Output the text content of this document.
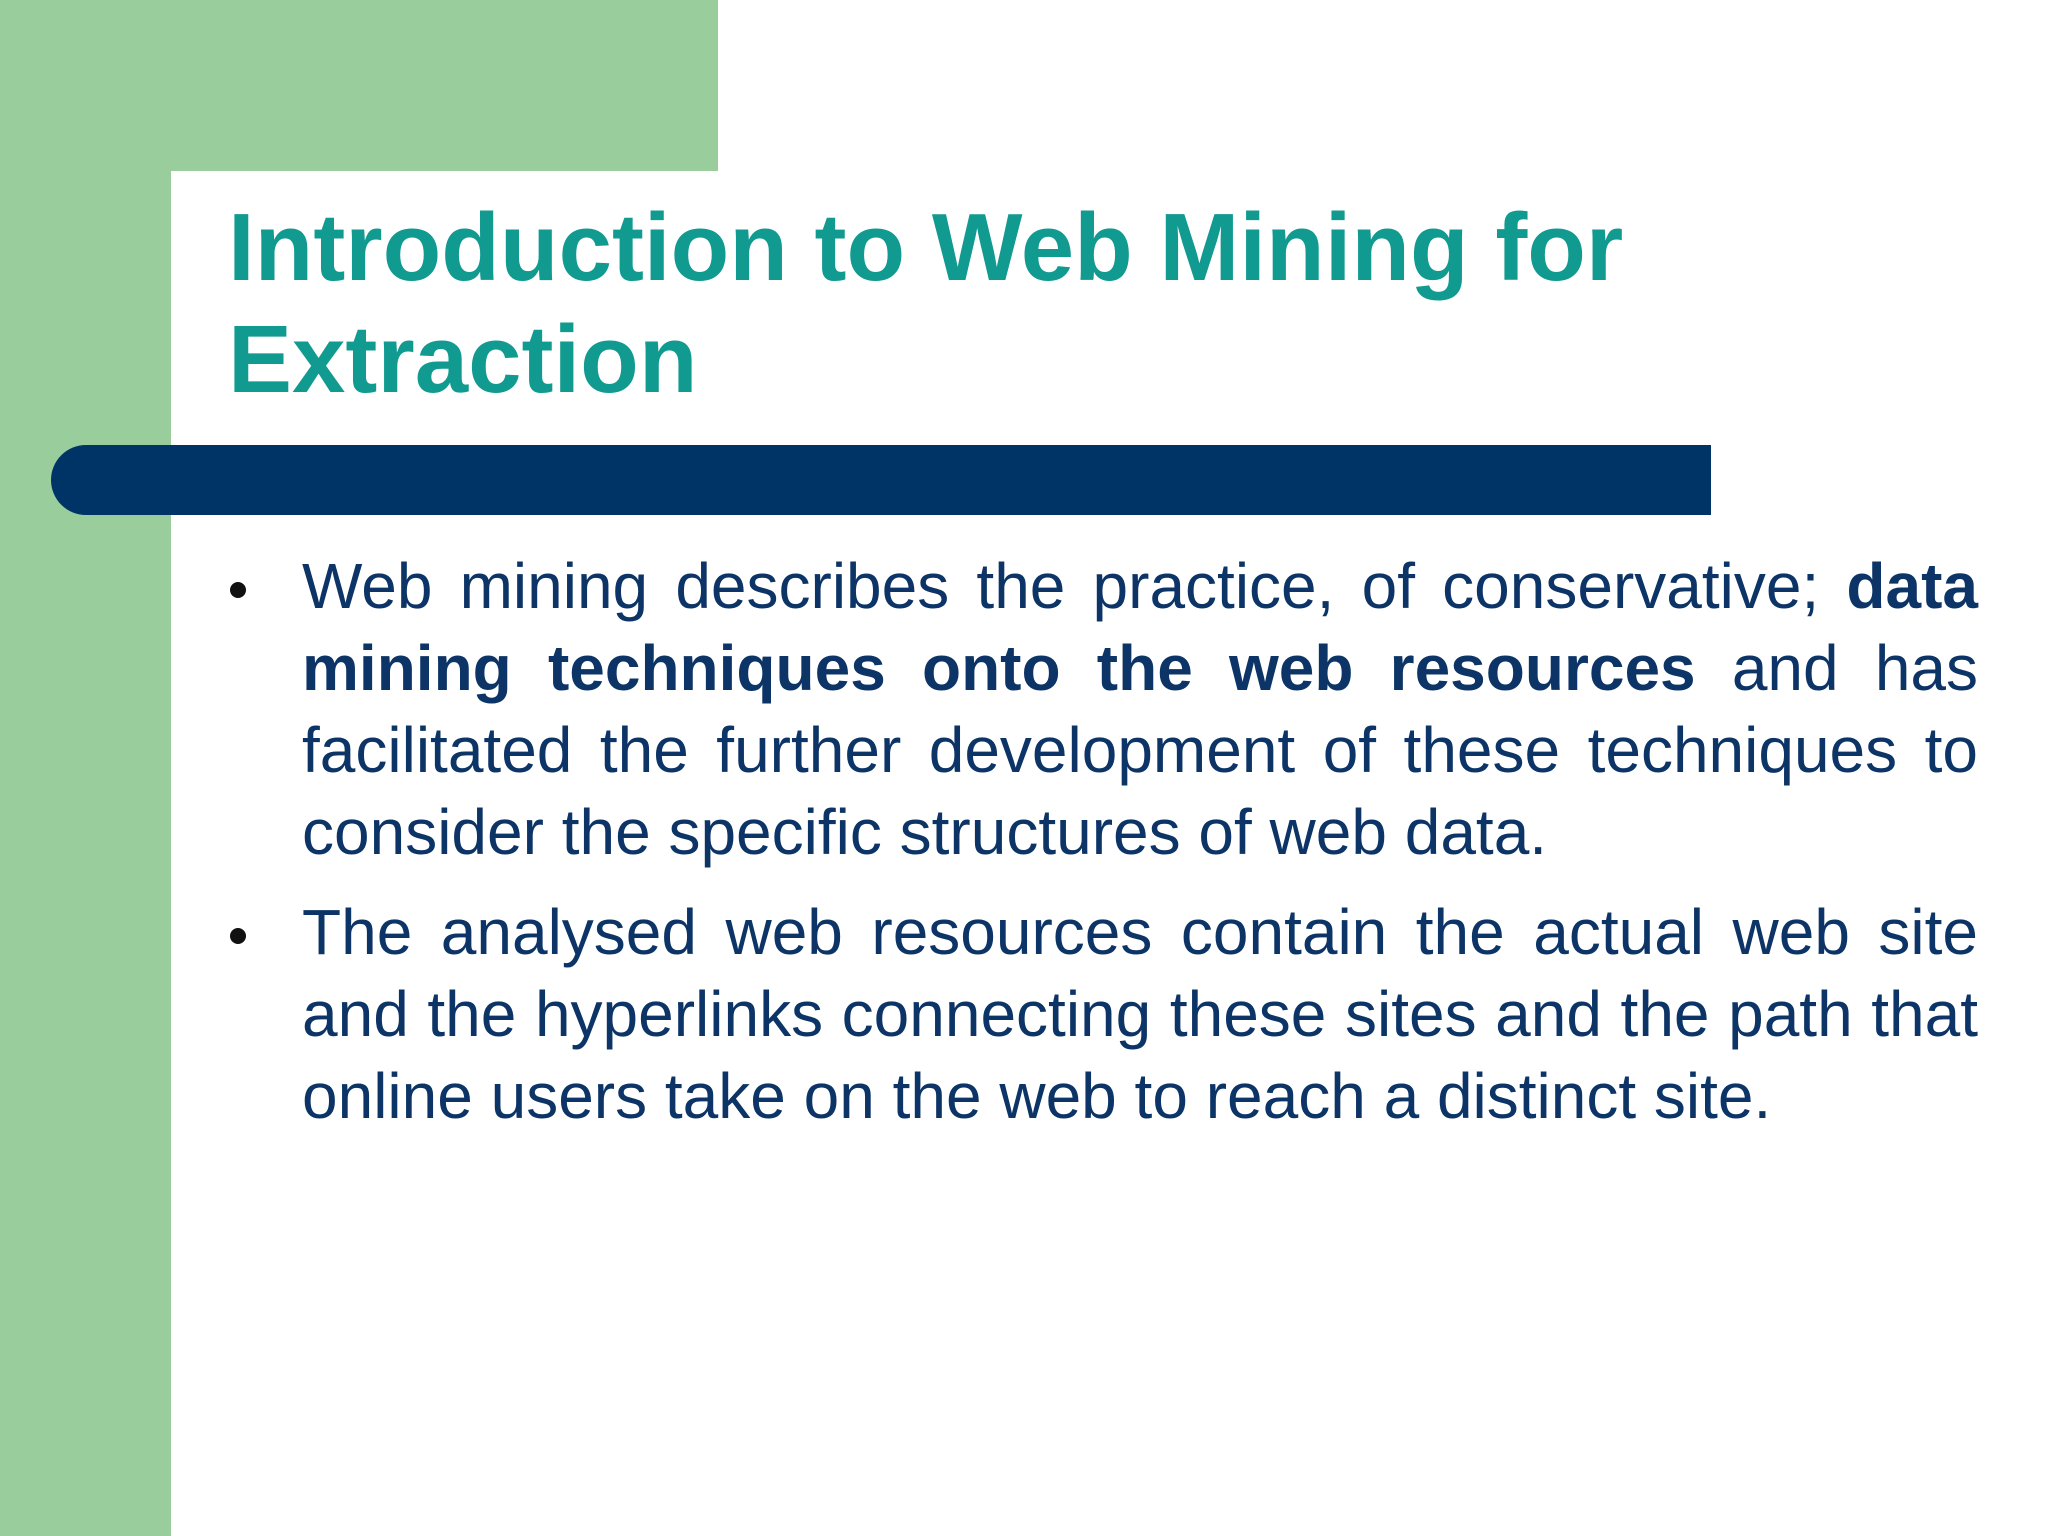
Introduction to Web Mining for Extraction
Web mining describes the practice, of conservative; data mining techniques onto the web resources and has facilitated the further development of these techniques to consider the specific structures of web data.
The analysed web resources contain the actual web site and the hyperlinks connecting these sites and the path that online users take on the web to reach a distinct site.
